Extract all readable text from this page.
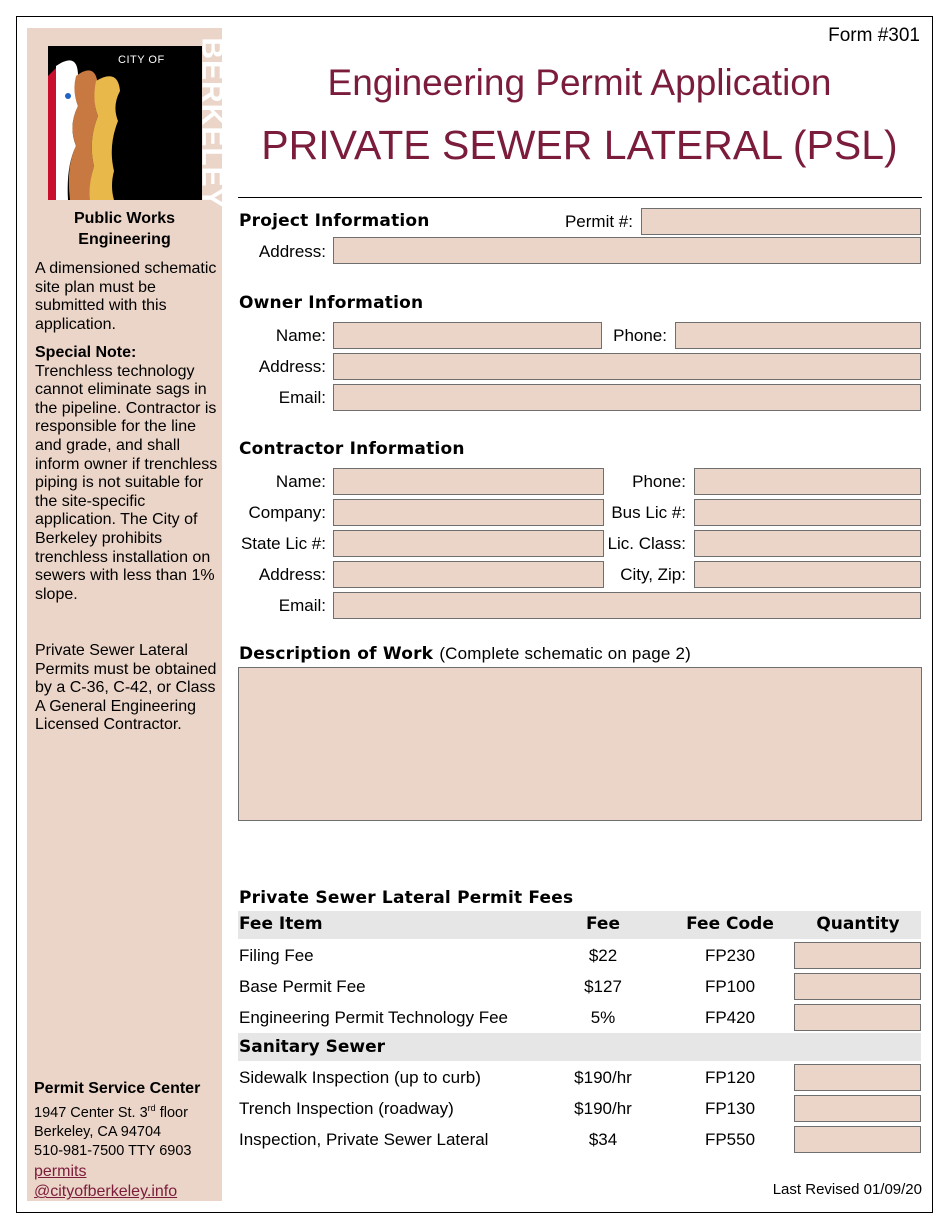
CITY OF BERKELEY
Public Works
Engineering
A dimensioned schematic site plan must be submitted with this application.
Special Note:
Trenchless technology cannot eliminate sags in the pipeline. Contractor is responsible for the line and grade, and shall inform owner if trenchless piping is not suitable for the site-specific application. The City of Berkeley prohibits trenchless installation on sewers with less than 1% slope.
Private Sewer Lateral Permits must be obtained by a C-36, C-42, or Class A General Engineering Licensed Contractor.
Permit Service Center
1947 Center St. 3rd floor
Berkeley, CA 94704
510-981-7500 TTY 6903
permits
@cityofberkeley.info
Form #301
Engineering Permit Application
PRIVATE SEWER LATERAL (PSL)
Project Information	Permit #:
Address:
Owner Information
Name:	Phone:
Address:
Email:
Contractor Information
Name:	Phone:
Company:	Bus Lic #:
State Lic #:	Lic. Class:
Address:	City, Zip:
Email:
Description of Work (Complete schematic on page 2)
Private Sewer Lateral Permit Fees
Fee Item	Fee	Fee Code	Quantity
Filing Fee	$22	FP230
Base Permit Fee	$127	FP100
Engineering Permit Technology Fee	5%	FP420
Sanitary Sewer
Sidewalk Inspection (up to curb)	$190/hr	FP120
Trench Inspection (roadway)	$190/hr	FP130
Inspection, Private Sewer Lateral	$34	FP550
Last Revised 01/09/20
